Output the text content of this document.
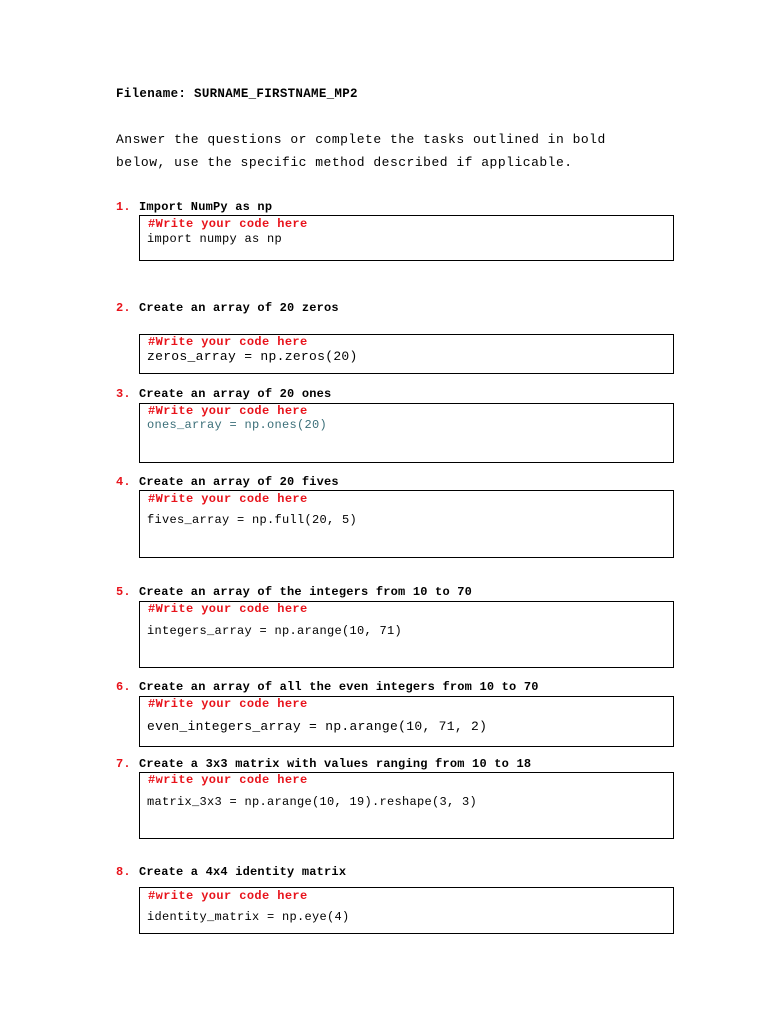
Filename: SURNAME_FIRSTNAME_MP2
Answer the questions or complete the tasks outlined in bold
below, use the specific method described if applicable.
1. Import NumPy as np
#Write your code here
import numpy as np
2. Create an array of 20 zeros
#Write your code here
zeros_array = np.zeros(20)
3. Create an array of 20 ones
#Write your code here
ones_array = np.ones(20)
4. Create an array of 20 fives
#Write your code here
fives_array = np.full(20, 5)
5. Create an array of the integers from 10 to 70
#Write your code here
integers_array = np.arange(10, 71)
6. Create an array of all the even integers from 10 to 70
#Write your code here
even_integers_array = np.arange(10, 71, 2)
7. Create a 3x3 matrix with values ranging from 10 to 18
#write your code here
matrix_3x3 = np.arange(10, 19).reshape(3, 3)
8. Create a 4x4 identity matrix
#write your code here
identity_matrix = np.eye(4)
